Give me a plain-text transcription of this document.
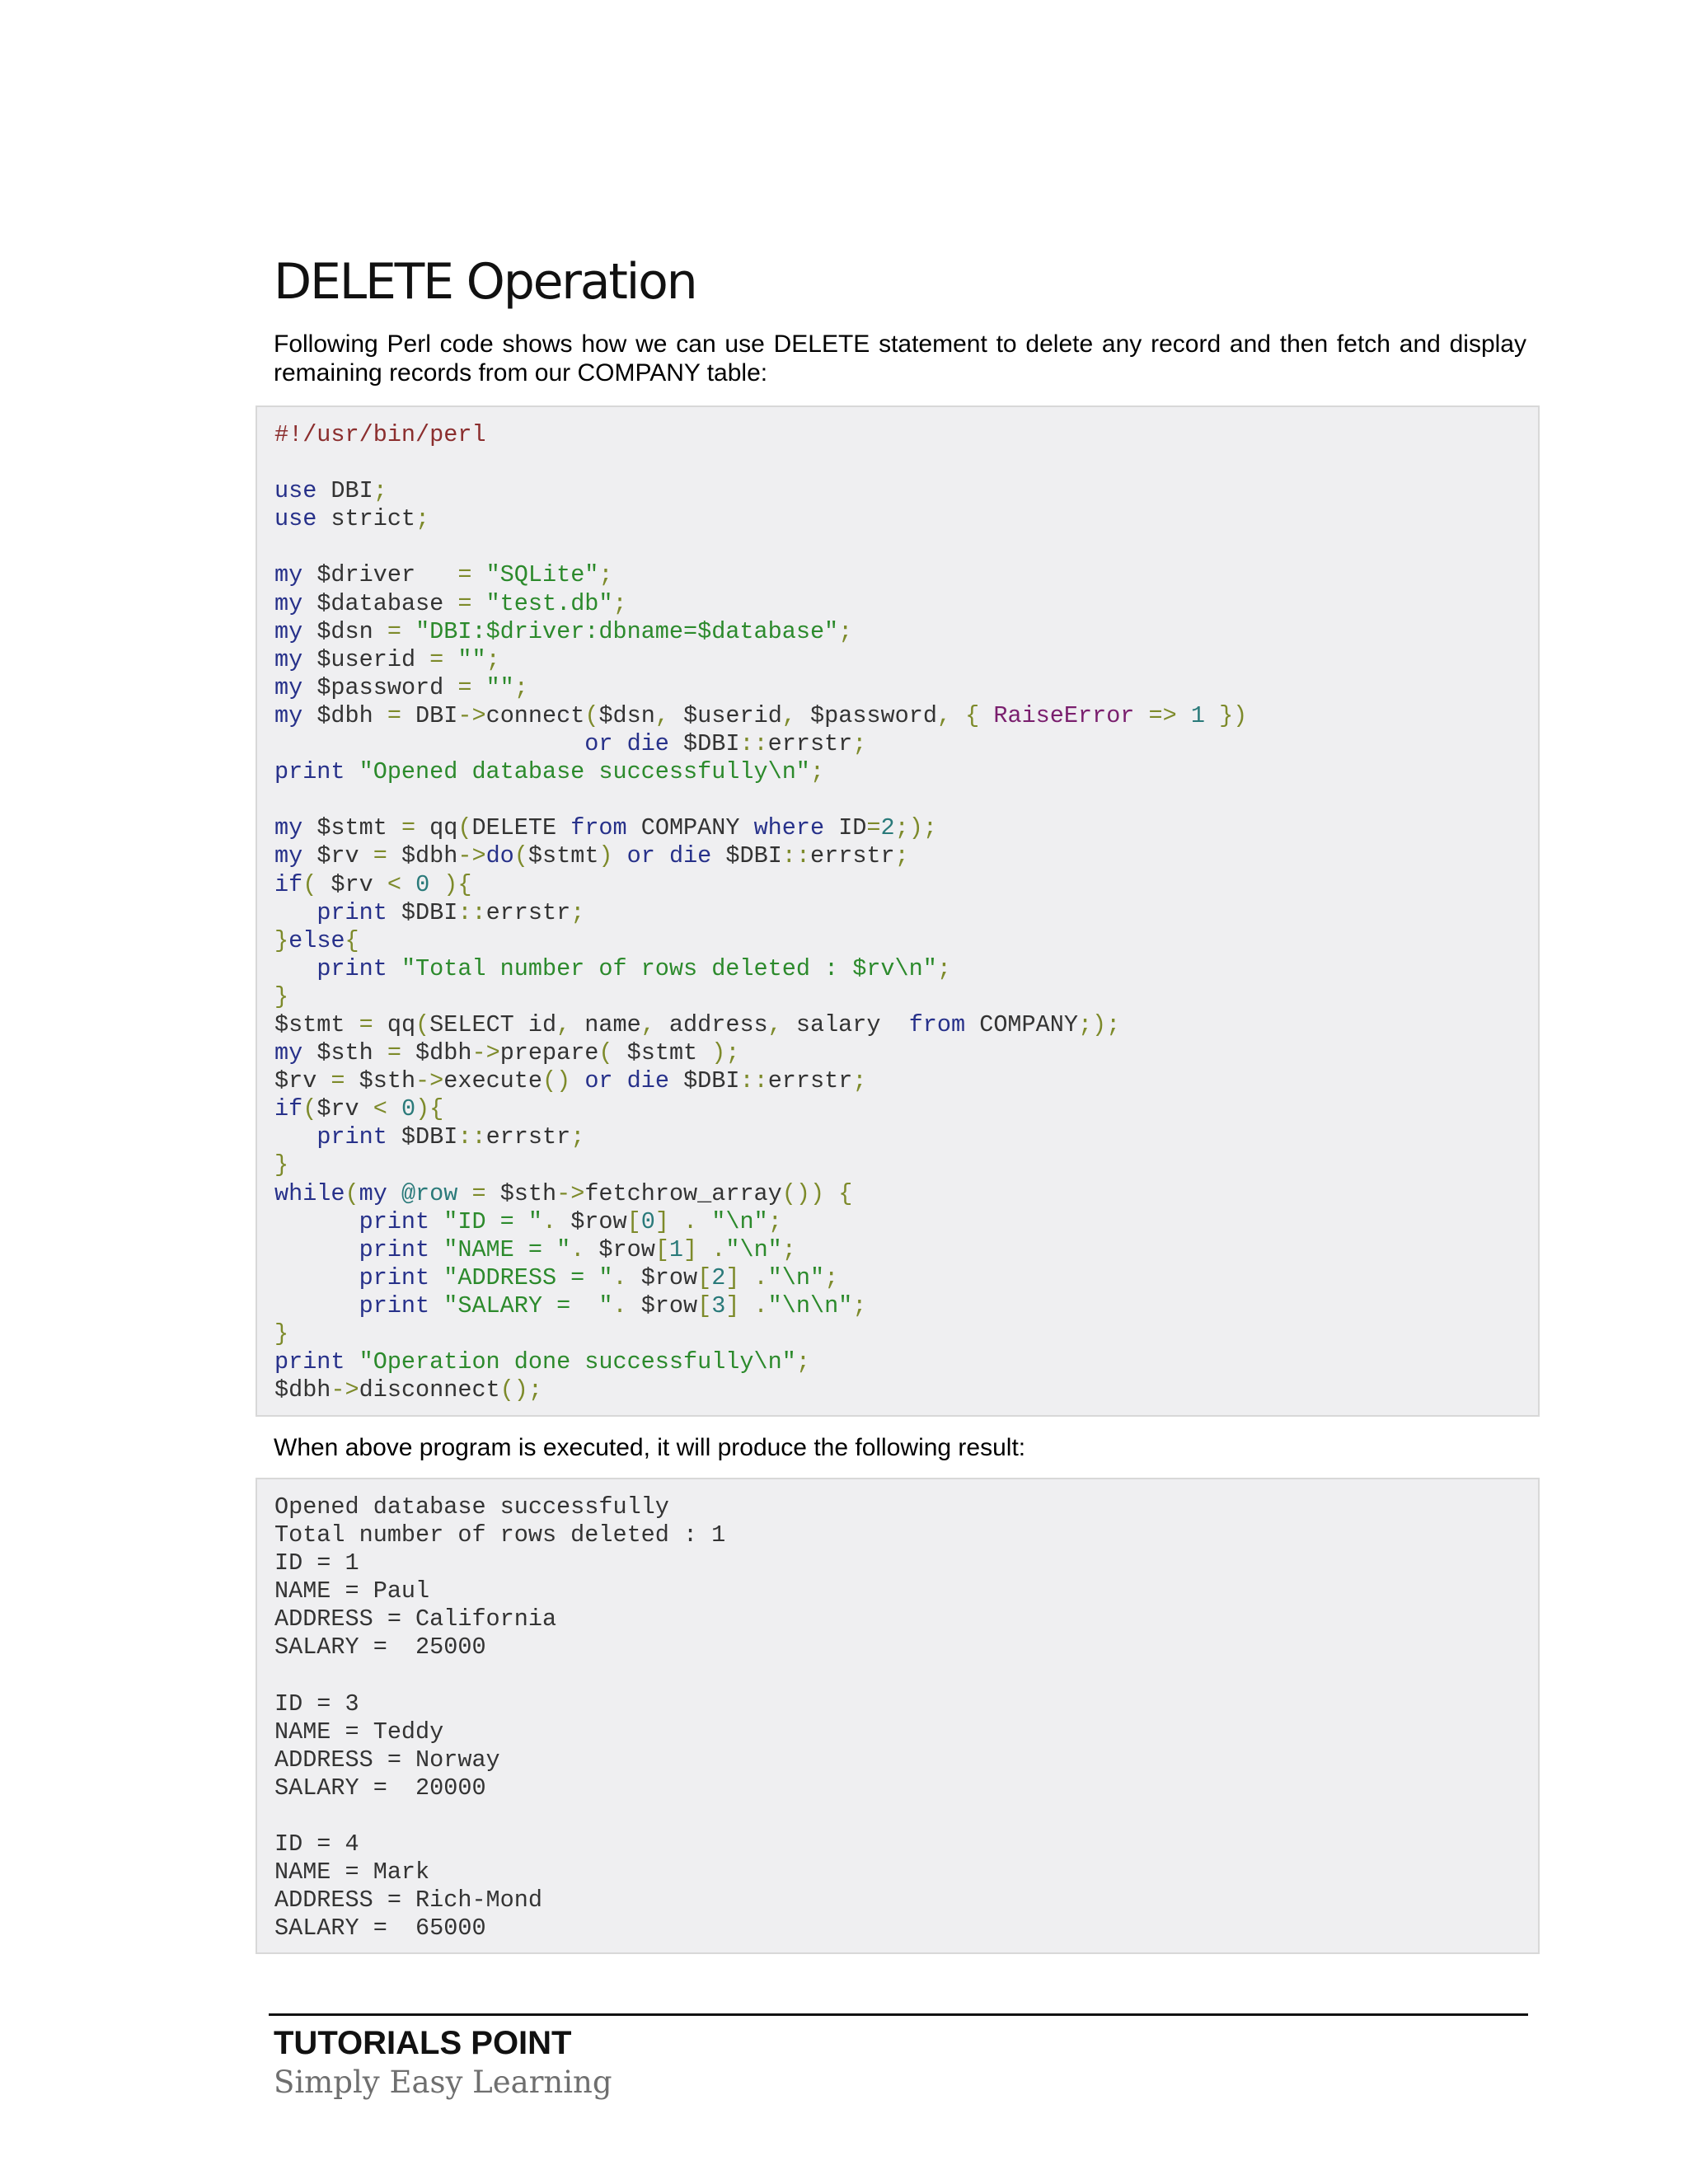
DELETE Operation

Following Perl code shows how we can use DELETE statement to delete any record and then fetch and display remaining records from our COMPANY table:

When above program is executed, it will produce the following result:

#!/usr/bin/perl
use DBI;
use strict;
my $driver   = "SQLite";
my $database = "test.db";
my $dsn = "DBI:$driver:dbname=$database";
my $userid = "";
my $password = "";
my $dbh = DBI->connect($dsn, $userid, $password, { RaiseError => 1 })
or die $DBI::errstr;
print "Opened database successfully\n";
my $stmt = qq(DELETE from COMPANY where ID=2;);
my $rv = $dbh->do($stmt) or die $DBI::errstr;
if( $rv < 0 ){
print $DBI::errstr;
}else{
print "Total number of rows deleted : $rv\n";
}
$stmt = qq(SELECT id, name, address, salary  from COMPANY;);
my $sth = $dbh->prepare( $stmt );
$rv = $sth->execute() or die $DBI::errstr;
if($rv < 0){
print $DBI::errstr;
}
while(my @row = $sth->fetchrow_array()) {
print "ID = ". $row[0] . "\n";
print "NAME = ". $row[1] ."\n";
print "ADDRESS = ". $row[2] ."\n";
print "SALARY =  ". $row[3] ."\n\n";
}
print "Operation done successfully\n";
$dbh->disconnect();
Opened database successfully
Total number of rows deleted : 1
ID = 1
NAME = Paul
ADDRESS = California
SALARY =  25000
ID = 3
NAME = Teddy
ADDRESS = Norway
SALARY =  20000
ID = 4
NAME = Mark
ADDRESS = Rich-Mond
SALARY =  65000
TUTORIALS POINT
Simply Easy Learning
